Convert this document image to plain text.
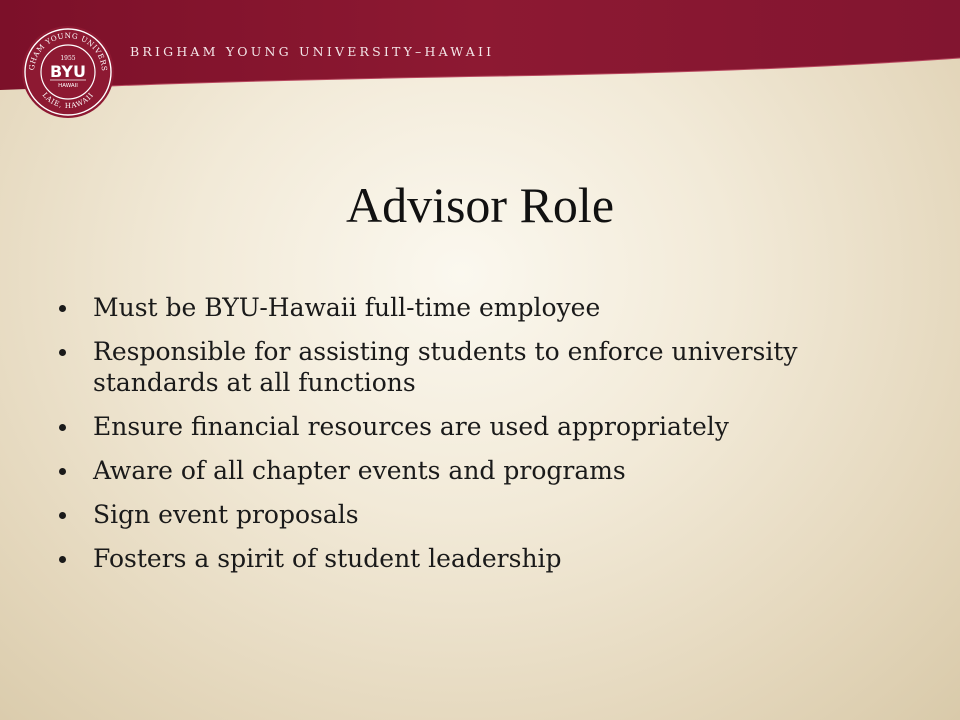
BRIGHAM YOUNG UNIVERSITY–HAWAII
GHAM YOUNG UNIVERS
LAIE, HAWAII
1955
BYU
HAWAII
Advisor Role
Must be BYU-Hawaii full-time employee
Responsible for assisting students to enforce university standards at all functions
Ensure financial resources are used appropriately
Aware of all chapter events and programs
Sign event proposals
Fosters a spirit of student leadership
